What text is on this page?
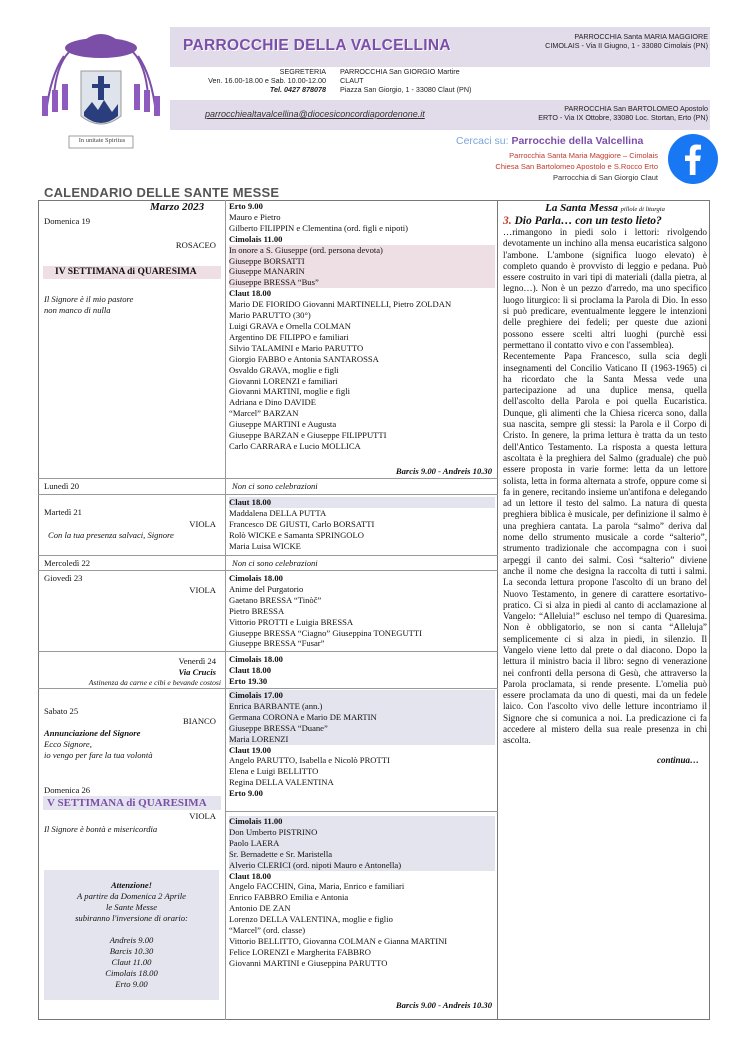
In unitate Spiritus
PARROCCHIE DELLA VALCELLINA
PARROCCHIA Santa MARIA MAGGIORE
CIMOLAIS - Via II Giugno, 1 - 33080 Cimolais (PN)
SEGRETERIA
Ven. 16.00-18.00 e Sab. 10.00-12.00
Tel. 0427 878078
PARROCCHIA San GIORGIO Martire
CLAUT
Piazza San Giorgio, 1 - 33080 Claut (PN)
parrocchiealtavalcellina@diocesiconcordiapordenone.it
PARROCCHIA San BARTOLOMEO Apostolo
ERTO - Via IX Ottobre, 33080 Loc. Stortan, Erto (PN)
Cercaci su: Parrocchie della Valcellina
Parrocchia Santa Maria Maggiore – Cimolais
Chiesa San Bartolomeo Apostolo e S.Rocco Erto
Parrocchia di San Giorgio Claut
CALENDARIO DELLE SANTE MESSE
Marzo 2023
Domenica 19
ROSACEO
IV SETTIMANA di QUARESIMA
Il Signore è il mio pastore
non manco di nulla
Lunedì 20
Martedì 21
VIOLA
Con la tua presenza salvaci, Signore
Mercoledì 22
Giovedì 23
VIOLA
Venerdì 24
Via Crucis
Astinenza da carne e cibi e bevande costosi
Sabato 25
BIANCO
Annunciazione del Signore
Ecco Signore,
io vengo per fare la tua volontà
Domenica 26
V SETTIMANA di QUARESIMA
VIOLA
Il Signore è bontà e misericordia
Attenzione!
A partire da Domenica 2 Aprile
le Sante Messe
subiranno l'inversione di orario:

Andreis 9.00
Barcis 10.30
Claut 11.00
Cimolais 18.00
Erto 9.00
Erto 9.00
Mauro e Pietro
Gilberto FILIPPIN e Clementina (ord. figli e nipoti)
Cimolais 11.00
In onore a S. Giuseppe (ord. persona devota)
Giuseppe BORSATTI
Giuseppe MANARIN
Giuseppe BRESSA “Bus”
Claut 18.00
Mario DE FIORIDO Giovanni MARTINELLI, Pietro ZOLDAN
Mario PARUTTO (30°)
Luigi GRAVA e Ornella COLMAN
Argentino DE FILIPPO e familiari
Silvio TALAMINI e Mario PARUTTO
Giorgio FABBO e Antonia SANTAROSSA
Osvaldo GRAVA, moglie e figli
Giovanni LORENZI e familiari
Giovanni MARTINI, moglie e figli
Adriana e Dino DAVIDE
“Marcel” BARZAN
Giuseppe MARTINI e Augusta
Giuseppe BARZAN e Giuseppe FILIPPUTTI
Carlo CARRARA e Lucio MOLLICA
Barcis 9.00 - Andreis 10.30
Non ci sono celebrazioni
Claut 18.00
Maddalena DELLA PUTTA
Francesco DE GIUSTI, Carlo BORSATTI
Rolò WICKE e Samanta SPRINGOLO
Maria Luisa WICKE
Non ci sono celebrazioni
Cimolais 18.00
Anime del Purgatorio
Gaetano BRESSA “Tinòč”
Pietro BRESSA
Vittorio PROTTI e Luigia BRESSA
Giuseppe BRESSA “Ciagno” Giuseppina TONEGUTTI
Giuseppe BRESSA “Fusar”
Cimolais 18.00
Claut 18.00
Erto 19.30
Cimolais 17.00
Enrica BARBANTE (ann.)
Germana CORONA e Mario DE MARTIN
Giuseppe BRESSA “Duane”
Maria LORENZI
Claut 19.00
Angelo PARUTTO, Isabella e Nicolò PROTTI
Elena e Luigi BELLITTO
Regina DELLA VALENTINA
Erto 9.00
Cimolais 11.00
Don Umberto PISTRINO
Paolo LAERA
Sr. Bernadette e Sr. Maristella
Alverio CLERICI (ord. nipoti Mauro e Antonella)
Claut 18.00
Angelo FACCHIN, Gina, Maria, Enrico e familiari
Enrico FABBRO Emilia e Antonia
Antonio DE ZAN
Lorenzo DELLA VALENTINA, moglie e figlio
“Marcel” (ord. classe)
Vittorio BELLITTO, Giovanna COLMAN e Gianna MARTINI
Felice LORENZI e Margherita FABBRO
Giovanni MARTINI e Giuseppina PARUTTO
Barcis 9.00 - Andreis 10.30
La Santa Messa pillole di liturgia
3. Dio Parla… con un testo lieto?
…rimangono in piedi solo i lettori: rivolgendo devotamente un inchino alla mensa eucaristica salgono l'ambone. L'ambone (significa luogo elevato) è completo quando è provvisto di leggio e pedana. Può essere costruito in vari tipi di materiali (dalla pietra, al legno…). Non è un pezzo d'arredo, ma uno specifico luogo liturgico: lì si proclama la Parola di Dio. In esso si può predicare, eventualmente leggere le intenzioni delle preghiere dei fedeli; per queste due azioni possono essere scelti altri luoghi (purchè essi permettano il contatto vivo e con l'assemblea).
Recentemente Papa Francesco, sulla scia degli insegnamenti del Concilio Vaticano II (1963-1965) ci ha ricordato che la Santa Messa vede una partecipazione ad una duplice mensa, quella dell'ascolto della Parola e poi quella Eucaristica. Dunque, gli alimenti che la Chiesa ricerca sono, dalla sua nascita, sempre gli stessi: la Parola e il Corpo di Cristo. In genere, la prima lettura è tratta da un testo dell'Antico Testamento. La risposta a questa lettura ascoltata è la preghiera del Salmo (graduale) che può essere proposta in varie forme: letta da un lettore solista, letta in forma alternata a strofe, oppure come si fa in genere, recitando insieme un'antifona e delegando ad un lettore il testo del salmo. La natura di questa preghiera biblica è musicale, per definizione il salmo è una preghiera cantata. La parola “salmo” deriva dal nome dello strumento musicale a corde “salterio”, strumento tradizionale che accompagna con i suoi arpeggi il canto dei salmi. Così “salterio” diviene anche il nome che designa la raccolta di tutti i salmi. La seconda lettura propone l'ascolto di un brano del Nuovo Testamento, in genere di carattere esortativo-pratico. Ci si alza in piedi al canto di acclamazione al Vangelo: “Alleluia!” escluso nel tempo di Quaresima. Non è obbligatorio, se non si canta “Alleluja” semplicemente ci si alza in piedi, in silenzio. Il Vangelo viene letto dal prete o dal diacono. Dopo la lettura il ministro bacia il libro: segno di venerazione nei confronti della persona di Gesù, che attraverso la Parola proclamata, si rende presente. L'omelia può essere proclamata da uno di questi, mai da un fedele laico. Con l'ascolto vivo delle letture incontriamo il Signore che si comunica a noi. La predicazione ci fa accedere al mistero della sua reale presenza in chi ascolta.
continua…
